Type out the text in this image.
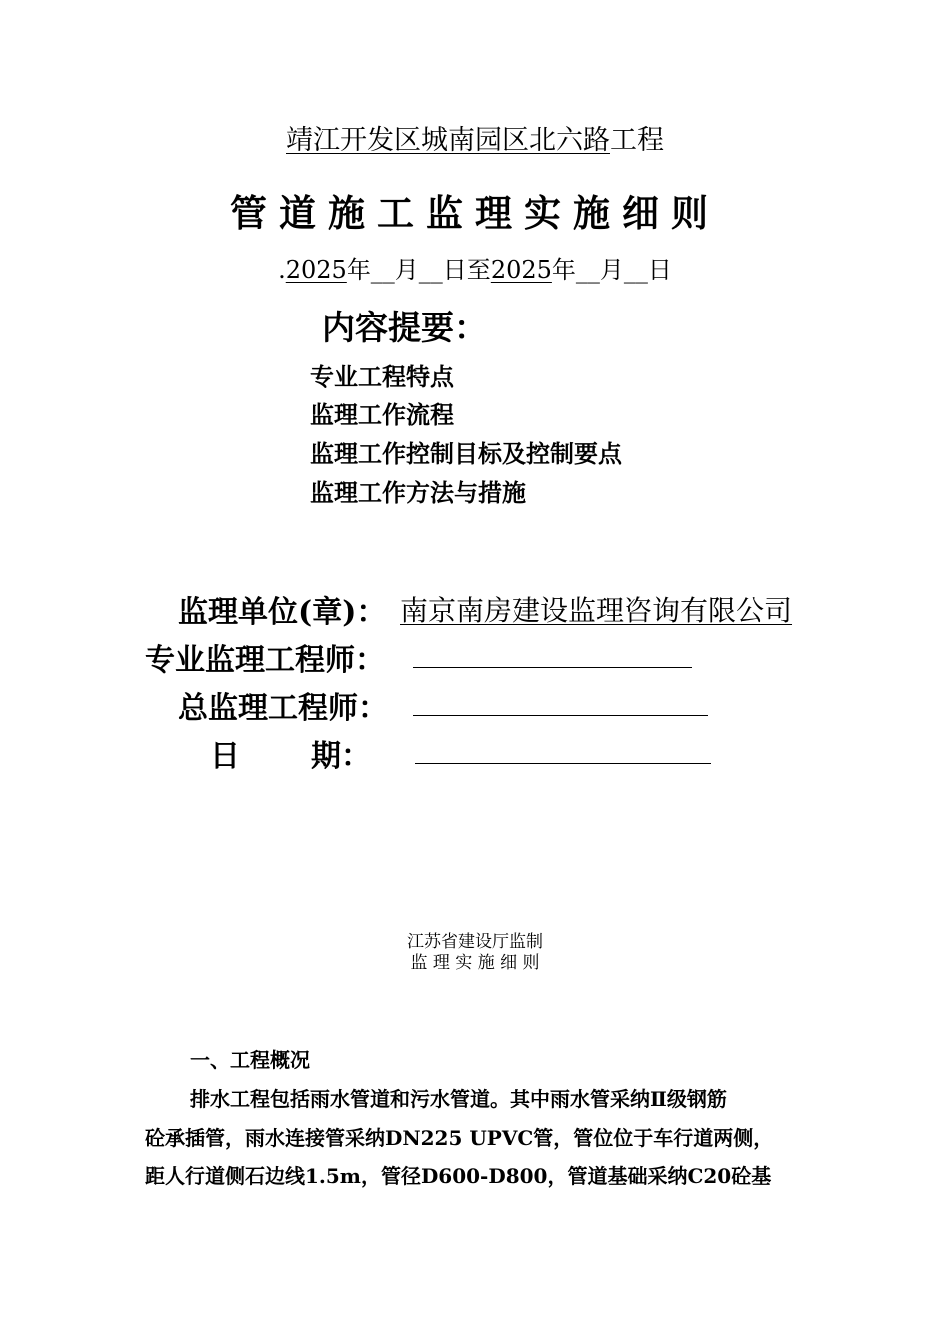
靖江开发区城南园区北六路工程
管道施工监理实施细则
.2025年__月__日至2025年__月__日
内容提要：
专业工程特点
监理工作流程
监理工作控制目标及控制要点
监理工作方法与措施
监理单位(章)： 南京南房建设监理咨询有限公司
专业监理工程师：
总监理工程师：
日 期：
江苏省建设厅监制
监 理 实 施 细 则
一、工程概况
排水工程包括雨水管道和污水管道。其中雨水管采纳Ⅱ级钢筋
砼承插管，雨水连接管采纳DN225 UPVC管，管位位于车行道两侧，
距人行道侧石边线1.5m，管径D600-D800，管道基础采纳C20砼基
